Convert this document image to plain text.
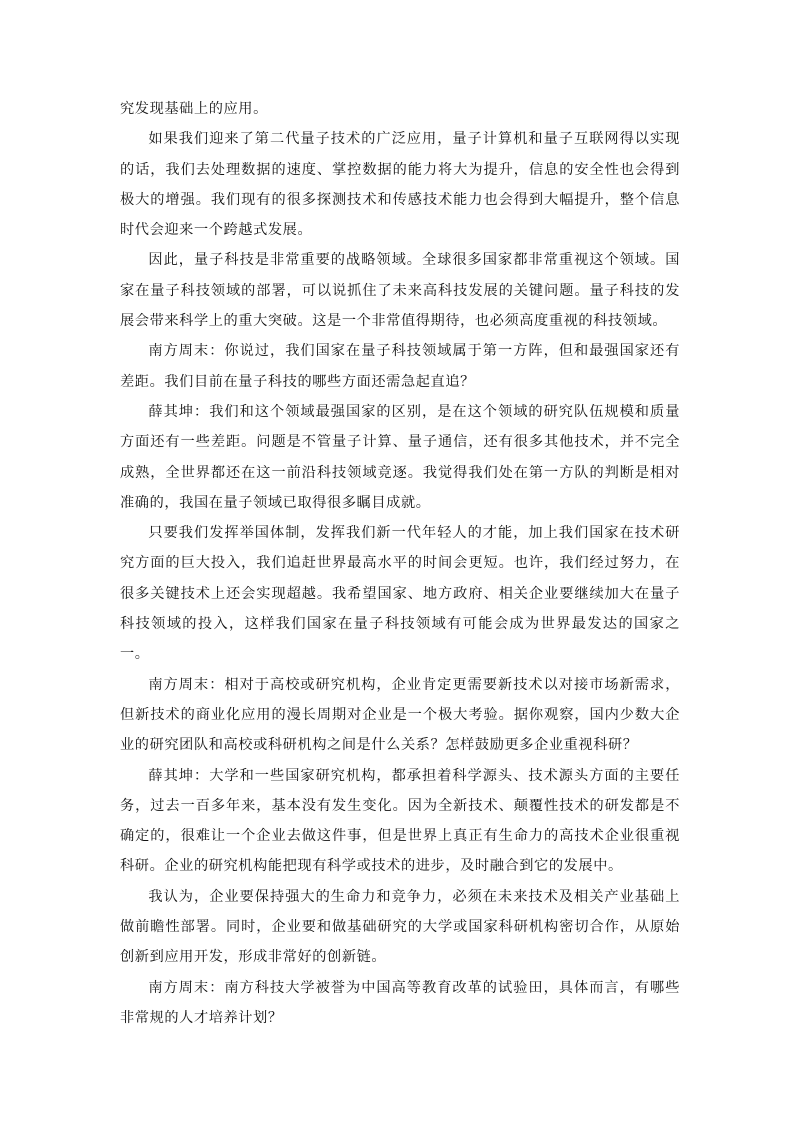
究发现基础上的应用。

如果我们迎来了第二代量子技术的广泛应用，量子计算机和量子互联网得以实现的话，我们去处理数据的速度、掌控数据的能力将大为提升，信息的安全性也会得到极大的增强。我们现有的很多探测技术和传感技术能力也会得到大幅提升，整个信息时代会迎来一个跨越式发展。

因此，量子科技是非常重要的战略领域。全球很多国家都非常重视这个领域。国家在量子科技领域的部署，可以说抓住了未来高科技发展的关键问题。量子科技的发展会带来科学上的重大突破。这是一个非常值得期待，也必须高度重视的科技领域。

南方周末：你说过，我们国家在量子科技领域属于第一方阵，但和最强国家还有差距。我们目前在量子科技的哪些方面还需急起直追？

薛其坤：我们和这个领域最强国家的区别，是在这个领域的研究队伍规模和质量方面还有一些差距。问题是不管量子计算、量子通信，还有很多其他技术，并不完全成熟，全世界都还在这一前沿科技领域竞逐。我觉得我们处在第一方队的判断是相对准确的，我国在量子领域已取得很多瞩目成就。

只要我们发挥举国体制，发挥我们新一代年轻人的才能，加上我们国家在技术研究方面的巨大投入，我们追赶世界最高水平的时间会更短。也许，我们经过努力，在很多关键技术上还会实现超越。我希望国家、地方政府、相关企业要继续加大在量子科技领域的投入，这样我们国家在量子科技领域有可能会成为世界最发达的国家之一。

南方周末：相对于高校或研究机构，企业肯定更需要新技术以对接市场新需求，但新技术的商业化应用的漫长周期对企业是一个极大考验。据你观察，国内少数大企业的研究团队和高校或科研机构之间是什么关系？怎样鼓励更多企业重视科研？

薛其坤：大学和一些国家研究机构，都承担着科学源头、技术源头方面的主要任务，过去一百多年来，基本没有发生变化。因为全新技术、颠覆性技术的研发都是不确定的，很难让一个企业去做这件事，但是世界上真正有生命力的高技术企业很重视科研。企业的研究机构能把现有科学或技术的进步，及时融合到它的发展中。

我认为，企业要保持强大的生命力和竞争力，必须在未来技术及相关产业基础上做前瞻性部署。同时，企业要和做基础研究的大学或国家科研机构密切合作，从原始创新到应用开发，形成非常好的创新链。

南方周末：南方科技大学被誉为中国高等教育改革的试验田，具体而言，有哪些非常规的人才培养计划？
